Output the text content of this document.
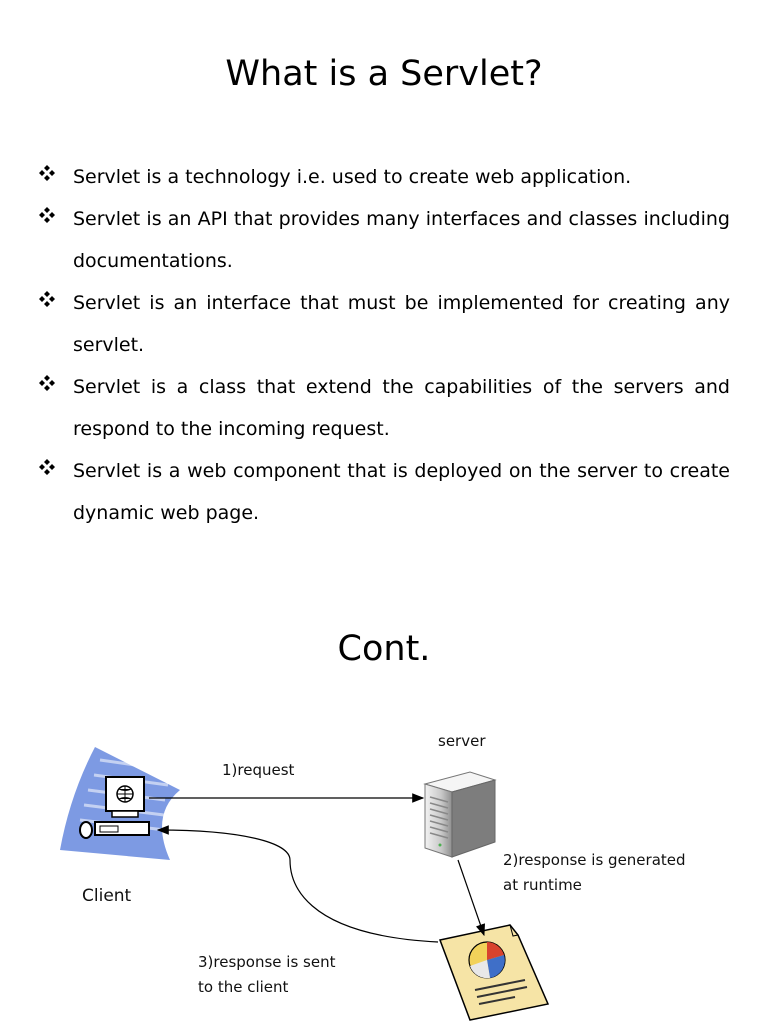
What is a Servlet?
Servlet is a technology i.e. used to create web application.
Servlet is an API that provides many interfaces and classes including documentations.
Servlet is an interface that must be implemented for creating any servlet.
Servlet is a class that extend the capabilities of the servers and respond to the incoming request.
Servlet is a web component that is deployed on the server to create dynamic web page.
Cont.
server
1)request
2)response is generated
at runtime
Client
3)response is sent
to the client
